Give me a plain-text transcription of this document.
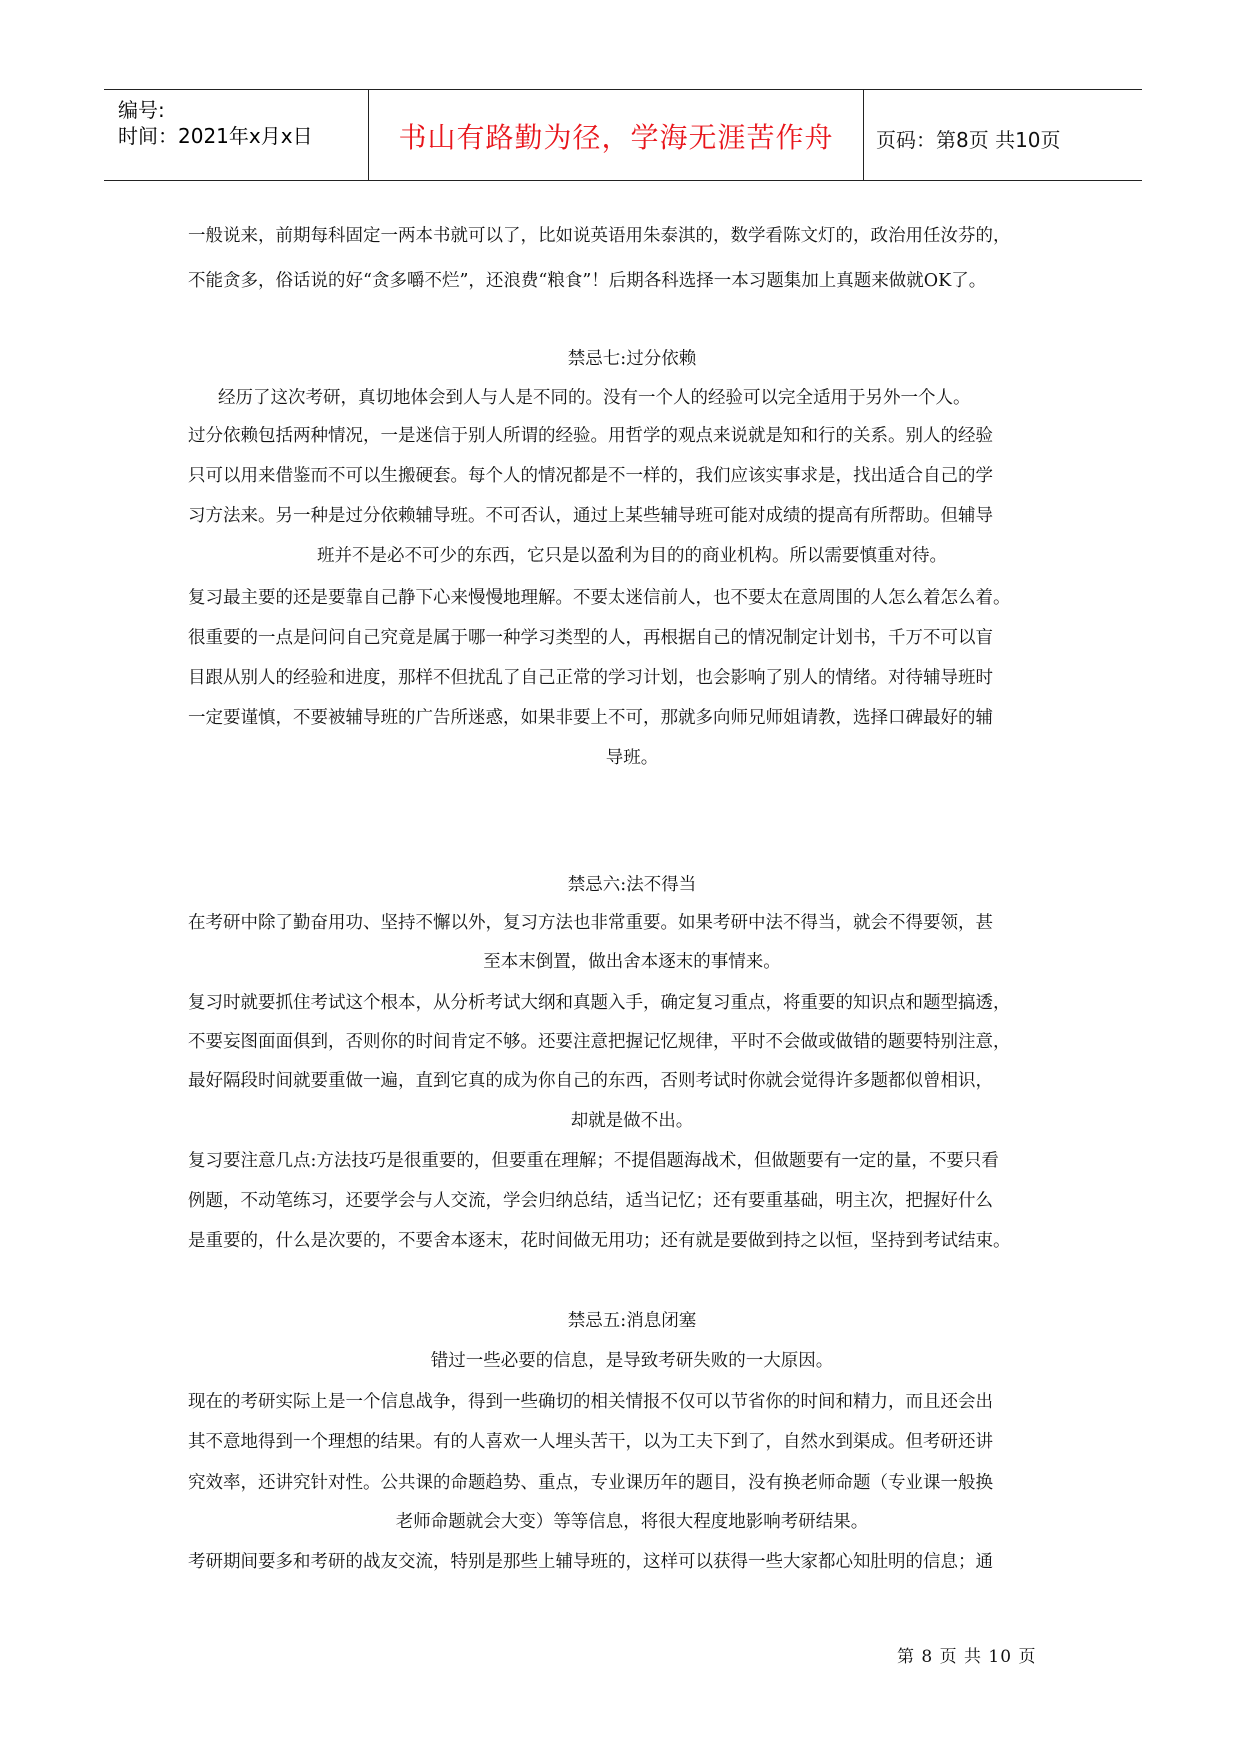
编号:
时间：2021年x月x日	书山有路勤为径，学海无涯苦作舟	页码：第8页 共10页
一般说来，前期每科固定一两本书就可以了，比如说英语用朱泰淇的，数学看陈文灯的，政治用任汝芬的，
不能贪多，俗话说的好“贪多嚼不烂”，还浪费“粮食”！后期各科选择一本习题集加上真题来做就OK了。
禁忌七:过分依赖
经历了这次考研，真切地体会到人与人是不同的。没有一个人的经验可以完全适用于另外一个人。
过分依赖包括两种情况，一是迷信于别人所谓的经验。用哲学的观点来说就是知和行的关系。别人的经验
只可以用来借鉴而不可以生搬硬套。每个人的情况都是不一样的，我们应该实事求是，找出适合自己的学
习方法来。另一种是过分依赖辅导班。不可否认，通过上某些辅导班可能对成绩的提高有所帮助。但辅导
班并不是必不可少的东西，它只是以盈利为目的的商业机构。所以需要慎重对待。
复习最主要的还是要靠自己静下心来慢慢地理解。不要太迷信前人，也不要太在意周围的人怎么着怎么着。
很重要的一点是问问自己究竟是属于哪一种学习类型的人，再根据自己的情况制定计划书，千万不可以盲
目跟从别人的经验和进度，那样不但扰乱了自己正常的学习计划，也会影响了别人的情绪。对待辅导班时
一定要谨慎，不要被辅导班的广告所迷惑，如果非要上不可，那就多向师兄师姐请教，选择口碑最好的辅
导班。
禁忌六:法不得当
在考研中除了勤奋用功、坚持不懈以外，复习方法也非常重要。如果考研中法不得当，就会不得要领，甚
至本末倒置，做出舍本逐末的事情来。
复习时就要抓住考试这个根本，从分析考试大纲和真题入手，确定复习重点，将重要的知识点和题型搞透，
不要妄图面面俱到，否则你的时间肯定不够。还要注意把握记忆规律，平时不会做或做错的题要特别注意，
最好隔段时间就要重做一遍，直到它真的成为你自己的东西，否则考试时你就会觉得许多题都似曾相识，
却就是做不出。
复习要注意几点:方法技巧是很重要的，但要重在理解；不提倡题海战术，但做题要有一定的量，不要只看
例题，不动笔练习，还要学会与人交流，学会归纳总结，适当记忆；还有要重基础，明主次，把握好什么
是重要的，什么是次要的，不要舍本逐末，花时间做无用功；还有就是要做到持之以恒，坚持到考试结束。
禁忌五:消息闭塞
错过一些必要的信息，是导致考研失败的一大原因。
现在的考研实际上是一个信息战争，得到一些确切的相关情报不仅可以节省你的时间和精力，而且还会出
其不意地得到一个理想的结果。有的人喜欢一人埋头苦干，以为工夫下到了，自然水到渠成。但考研还讲
究效率，还讲究针对性。公共课的命题趋势、重点，专业课历年的题目，没有换老师命题（专业课一般换
老师命题就会大变）等等信息，将很大程度地影响考研结果。
考研期间要多和考研的战友交流，特别是那些上辅导班的，这样可以获得一些大家都心知肚明的信息；通
第 8 页 共 10 页
